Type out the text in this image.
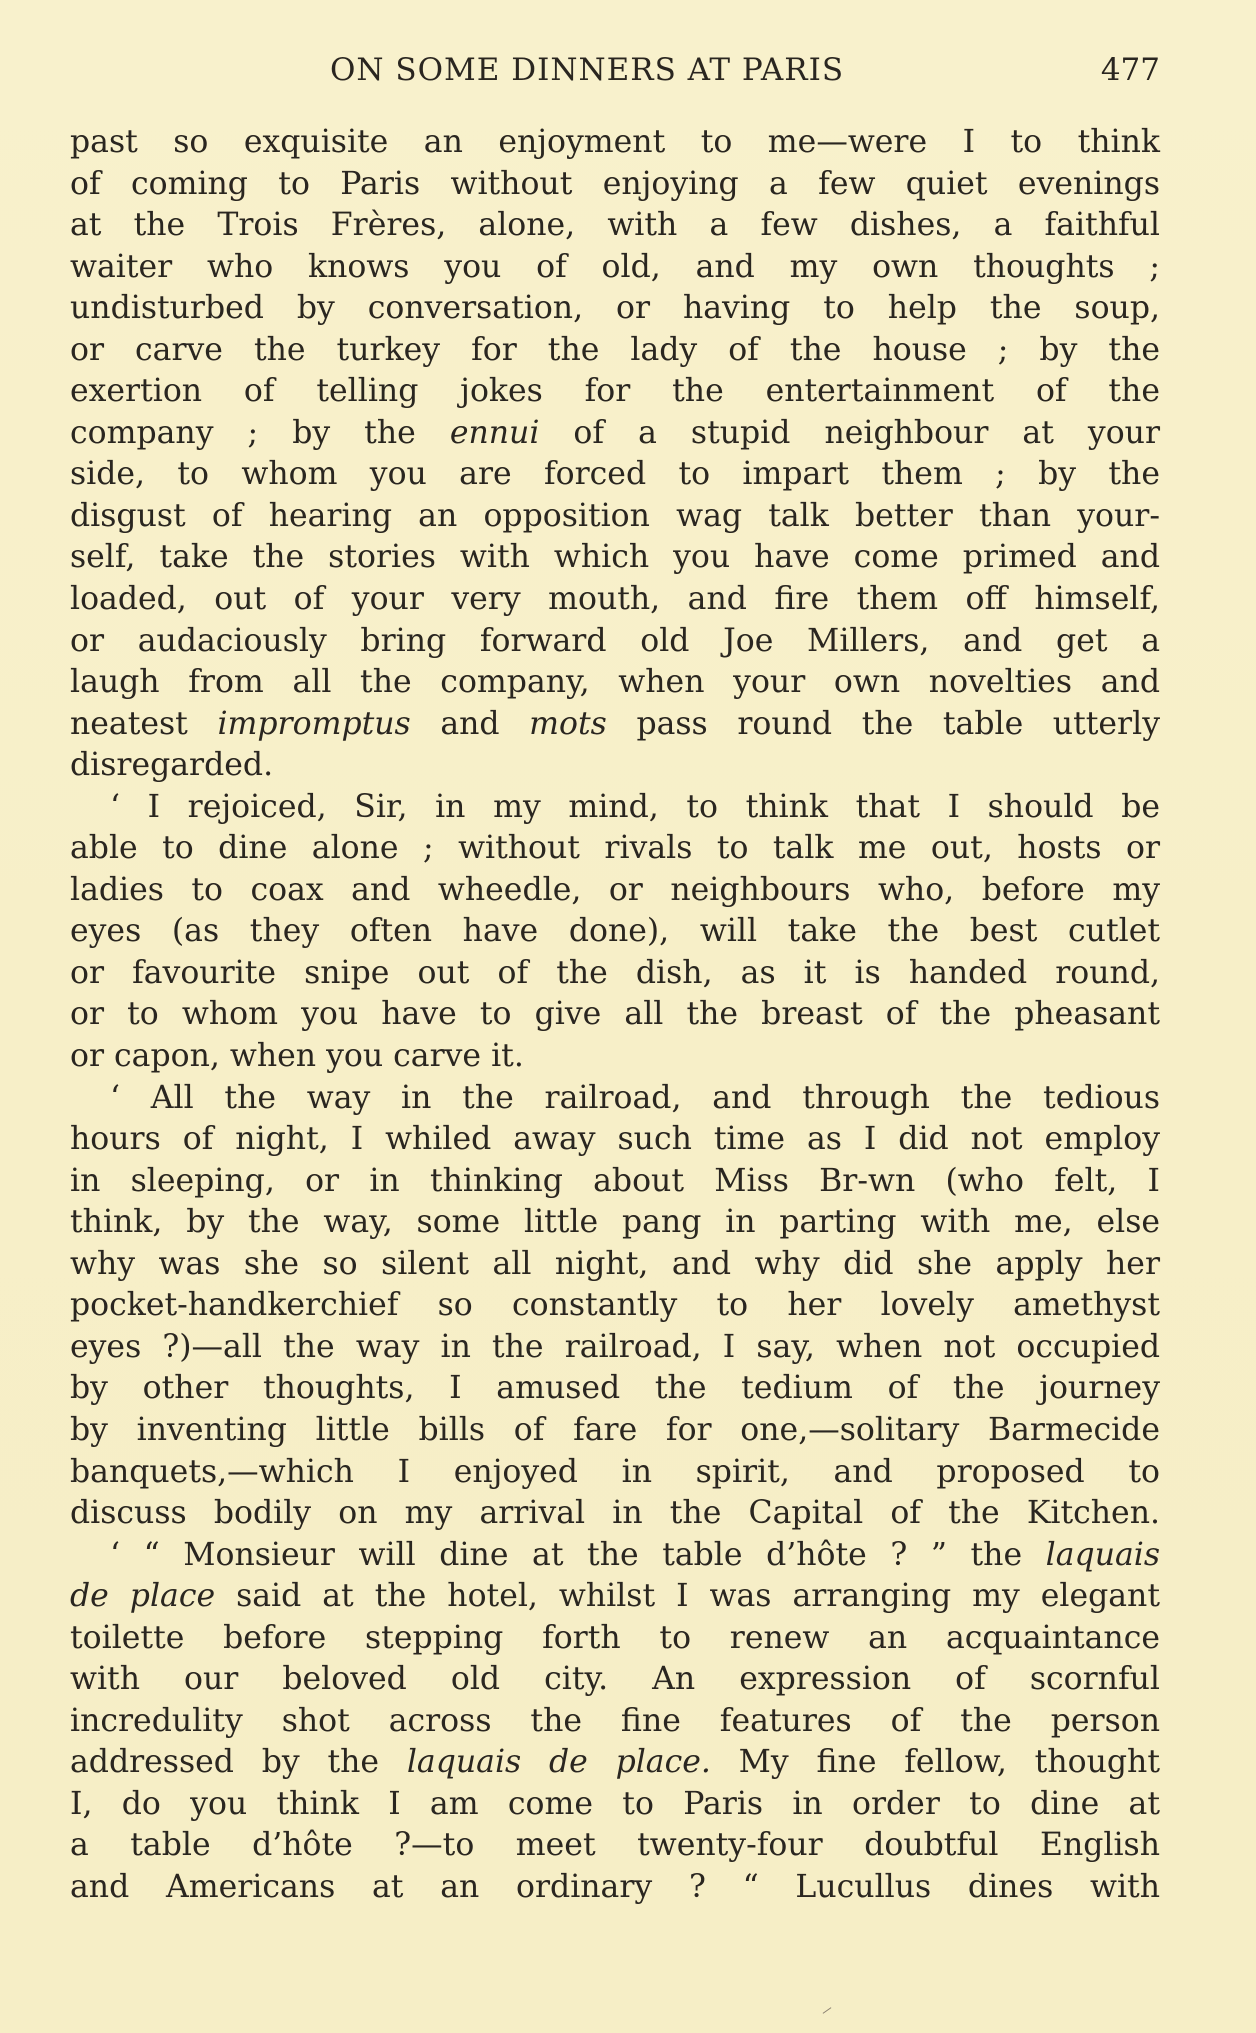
ON SOME DINNERS AT PARIS	477
past so exquisite an enjoyment to me—were I to think
of coming to Paris without enjoying a few quiet evenings
at the Trois Frères, alone, with a few dishes, a faithful
waiter who knows you of old, and my own thoughts ;
undisturbed by conversation, or having to help the soup,
or carve the turkey for the lady of the house ; by the
exertion of telling jokes for the entertainment of the
company ; by the ennui of a stupid neighbour at your
side, to whom you are forced to impart them ; by the
disgust of hearing an opposition wag talk better than your-
self, take the stories with which you have come primed and
loaded, out of your very mouth, and fire them off himself,
or audaciously bring forward old Joe Millers, and get a
laugh from all the company, when your own novelties and
neatest impromptus and mots pass round the table utterly
disregarded.
‘ I rejoiced, Sir, in my mind, to think that I should be
able to dine alone ; without rivals to talk me out, hosts or
ladies to coax and wheedle, or neighbours who, before my
eyes (as they often have done), will take the best cutlet
or favourite snipe out of the dish, as it is handed round,
or to whom you have to give all the breast of the pheasant
or capon, when you carve it.
‘ All the way in the railroad, and through the tedious
hours of night, I whiled away such time as I did not employ
in sleeping, or in thinking about Miss Br-wn (who felt, I
think, by the way, some little pang in parting with me, else
why was she so silent all night, and why did she apply her
pocket-handkerchief so constantly to her lovely amethyst
eyes ?)—all the way in the railroad, I say, when not occupied
by other thoughts, I amused the tedium of the journey
by inventing little bills of fare for one,—solitary Barmecide
banquets,—which I enjoyed in spirit, and proposed to
discuss bodily on my arrival in the Capital of the Kitchen.
‘ “ Monsieur will dine at the table d’hôte ? ” the laquais
de place said at the hotel, whilst I was arranging my elegant
toilette before stepping forth to renew an acquaintance
with our beloved old city. An expression of scornful
incredulity shot across the fine features of the person
addressed by the laquais de place. My fine fellow, thought
I, do you think I am come to Paris in order to dine at
a table d’hôte ?—to meet twenty-four doubtful English
and Americans at an ordinary ? “ Lucullus dines with
